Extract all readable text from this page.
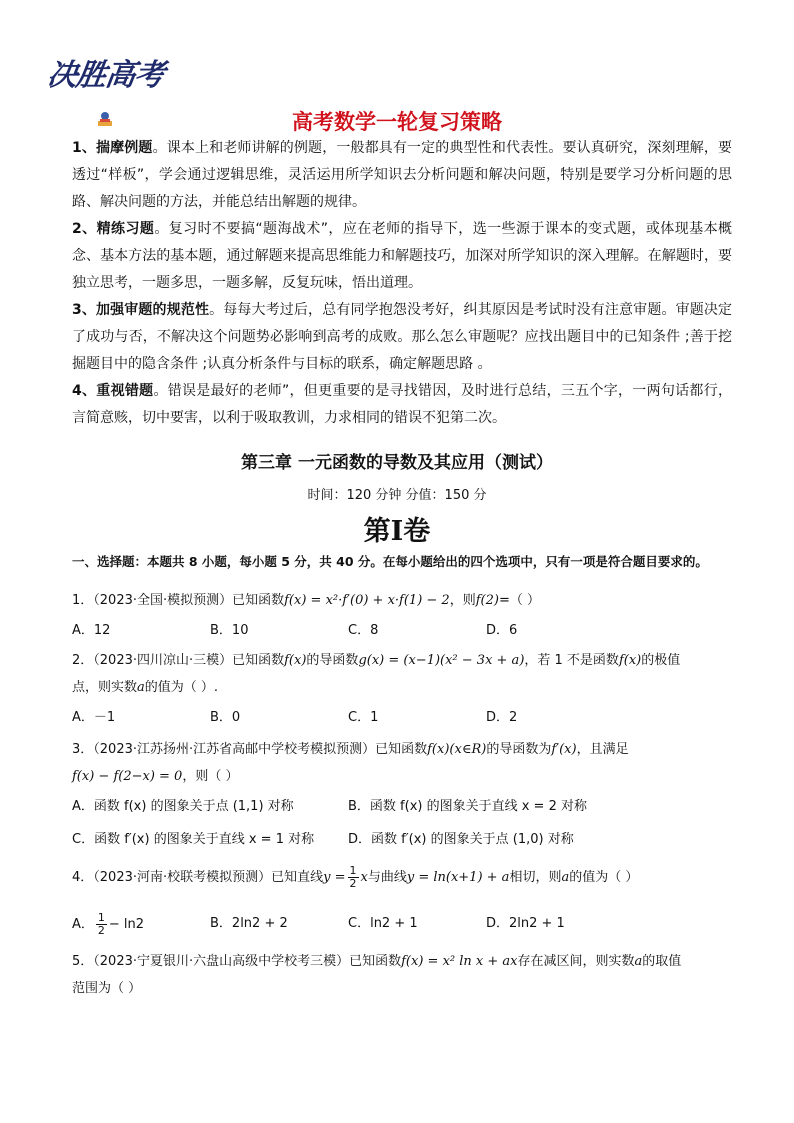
决胜高考
高考数学一轮复习策略

1、揣摩例题。课本上和老师讲解的例题，一般都具有一定的典型性和代表性。要认真研究，深刻理解，要透过“样板”，学会通过逻辑思维，灵活运用所学知识去分析问题和解决问题，特别是要学习分析问题的思路、解决问题的方法，并能总结出解题的规律。

2、精练习题。复习时不要搞“题海战术”，应在老师的指导下，选一些源于课本的变式题，或体现基本概念、基本方法的基本题，通过解题来提高思维能力和解题技巧，加深对所学知识的深入理解。在解题时，要独立思考，一题多思，一题多解，反复玩味，悟出道理。

3、加强审题的规范性。每每大考过后，总有同学抱怨没考好，纠其原因是考试时没有注意审题。审题决定了成功与否，不解决这个问题势必影响到高考的成败。那么怎么审题呢？应找出题目中的已知条件 ;善于挖掘题目中的隐含条件 ;认真分析条件与目标的联系，确定解题思路 。

4、重视错题。错误是最好的老师”，但更重要的是寻找错因，及时进行总结，三五个字，一两句话都行，言简意赅，切中要害，以利于吸取教训，力求相同的错误不犯第二次。

第三章 一元函数的导数及其应用（测试）
时间：120 分钟 分值：150 分
第Ⅰ卷
一、选择题：本题共 8 小题，每小题 5 分，共 40 分。在每小题给出的四个选项中，只有一项是符合题目要求的。
1．（2023·全国·模拟预测）已知函数f(x) = x²·f′(0) + x·f(1) − 2，则f(2)=（ ）
A．12	B．10	C．8	D．6
2．（2023·四川凉山·三模）已知函数f(x)的导函数g(x) = (x−1)(x² − 3x + a)，若 1 不是函数f(x)的极值
点，则实数a的值为（ ）.
A．－1	B．0	C．1	D．2
3．（2023·江苏扬州·江苏省高邮中学校考模拟预测）已知函数f(x)(x∈R)的导函数为f′(x)，且满足
f(x) − f(2−x) = 0，则（ ）
A．函数 f(x) 的图象关于点 (1,1) 对称	B．函数 f(x) 的图象关于直线 x = 2 对称
C．函数 f′(x) 的图象关于直线 x = 1 对称	D．函数 f′(x) 的图象关于点 (1,0) 对称
4．（2023·河南·校联考模拟预测）已知直线$y = \frac{1}{2}$ x与曲线y = ln(x+1) + a相切，则a的值为（ ）
A． $\frac{1}{2} - \ln 2$	B．2ln2 + 2	C．ln2 + 1	D．2ln2 + 1
5．（2023·宁夏银川·六盘山高级中学校考三模）已知函数f(x) = x² ln x + ax存在减区间，则实数a的取值
范围为（ ）
